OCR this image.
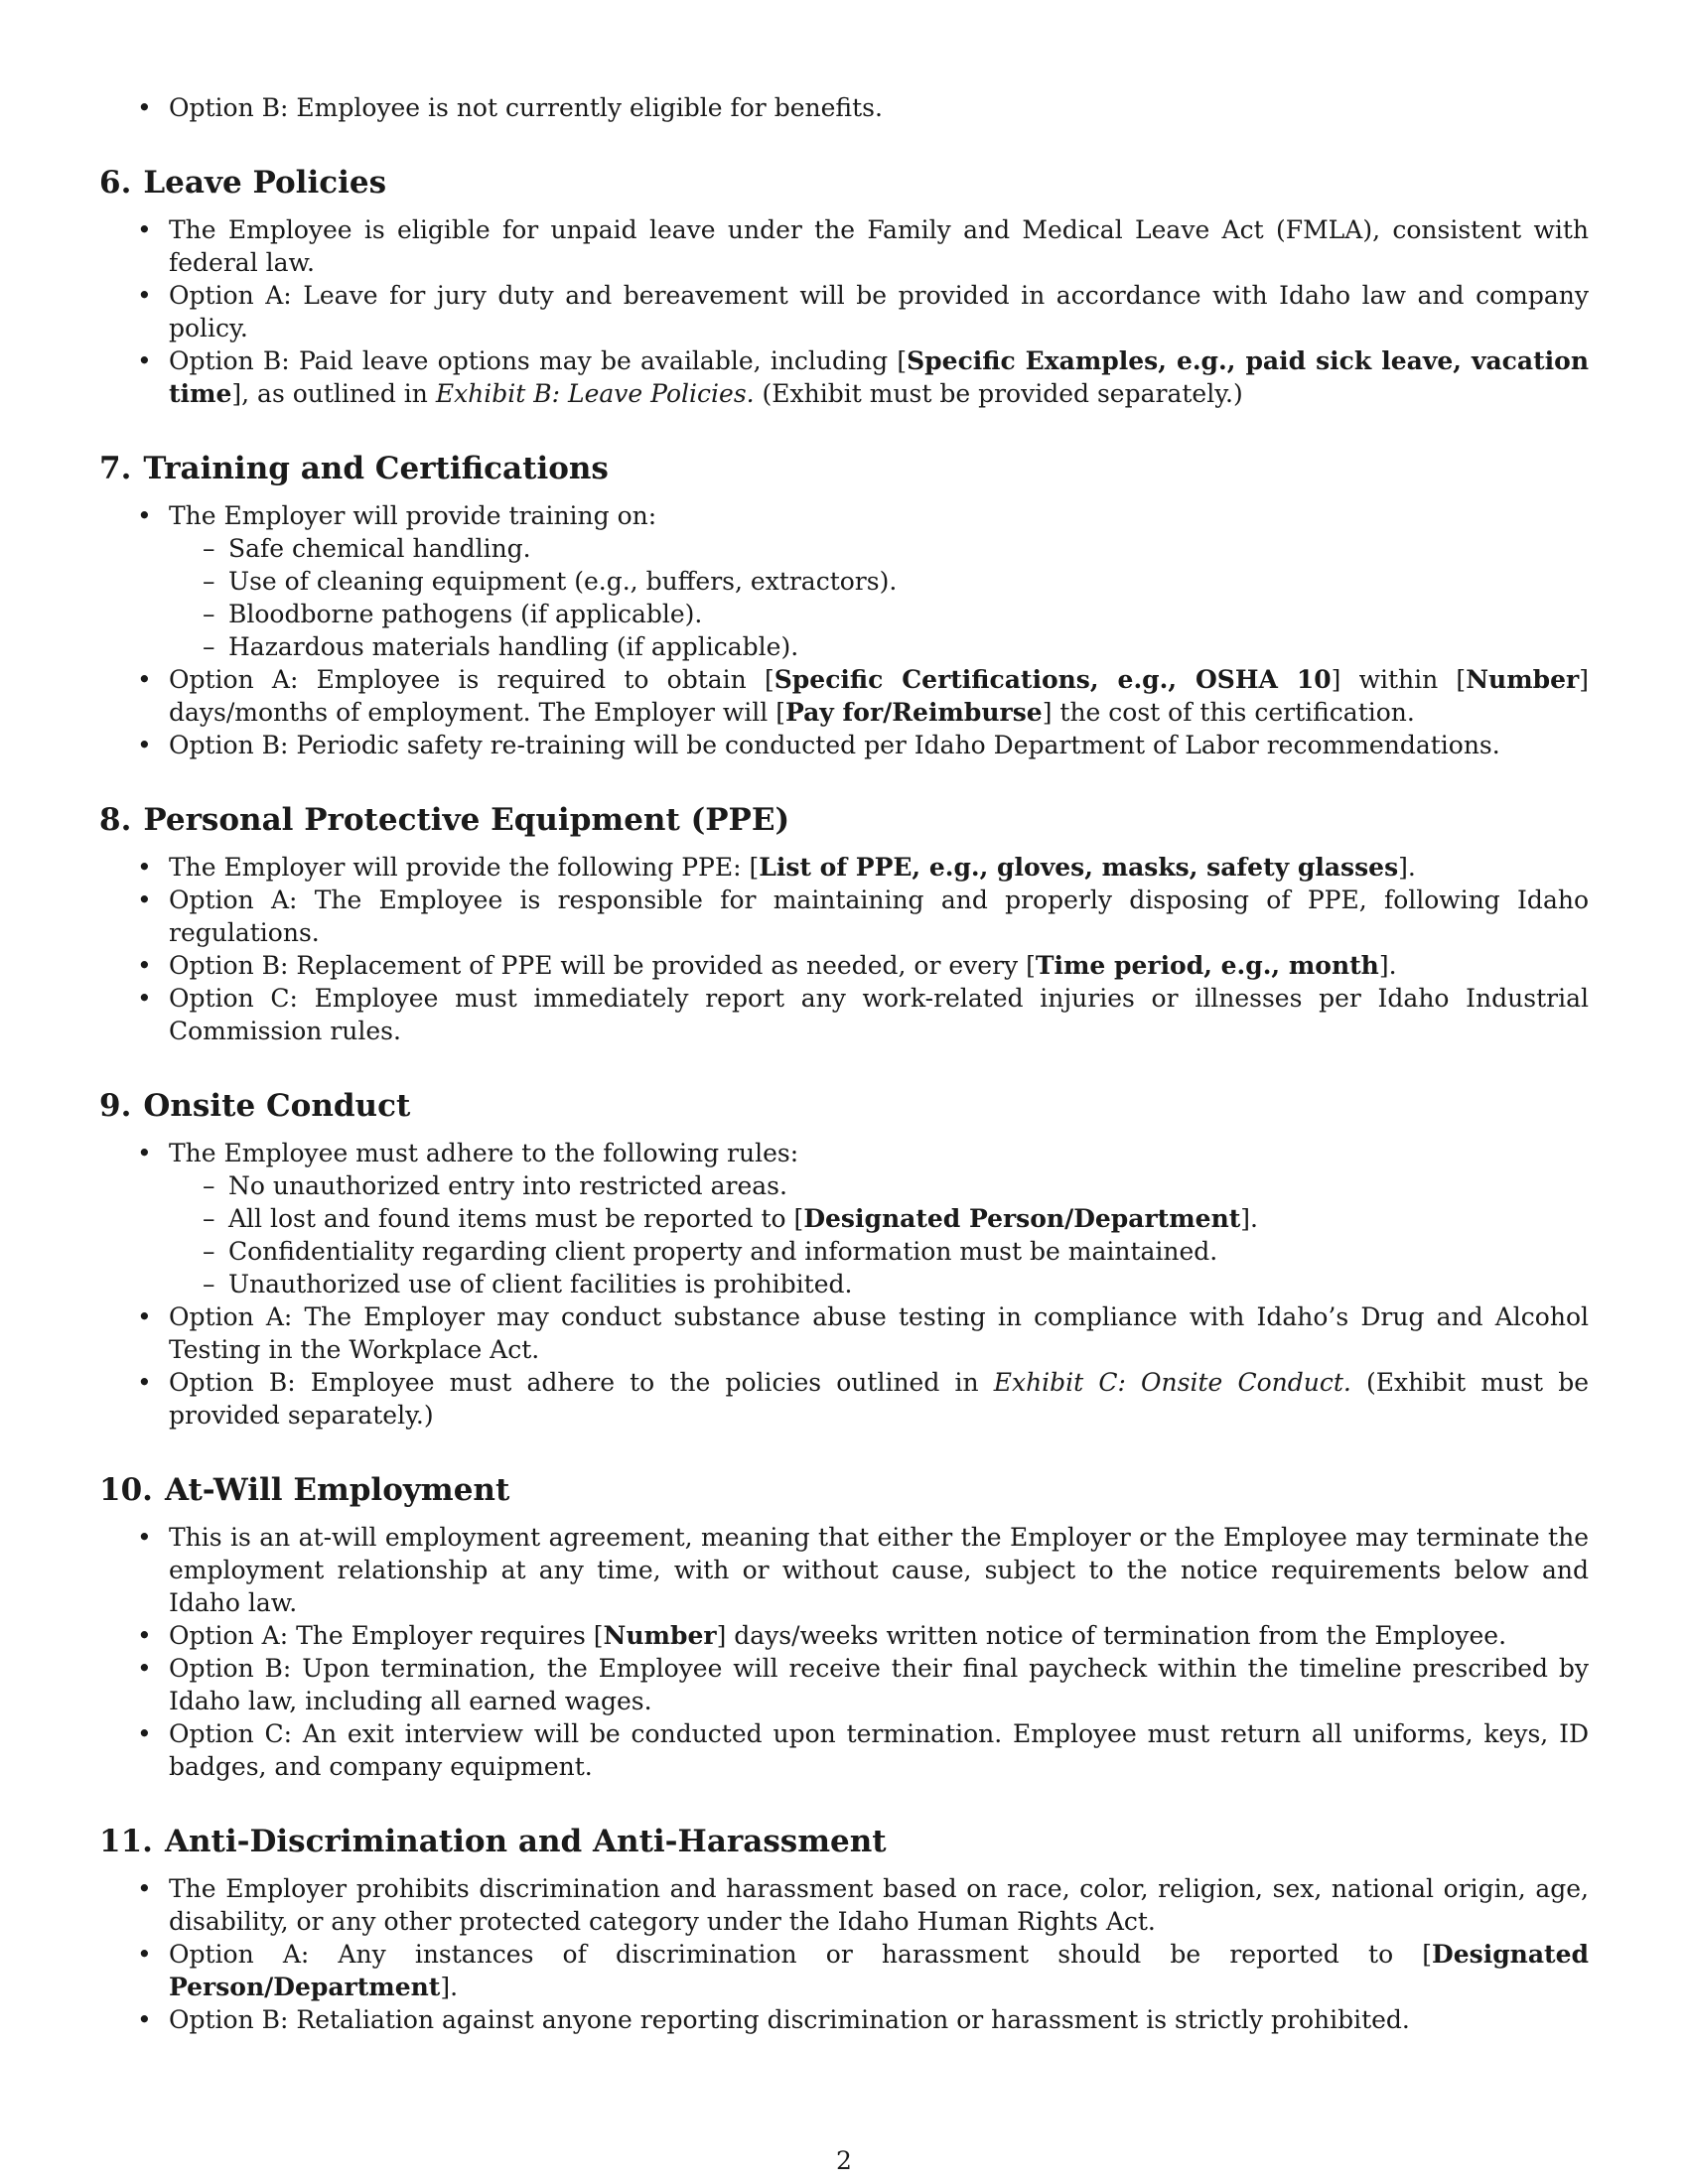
• Option B: Employee is not currently eligible for benefits.
6. Leave Policies
• The Employee is eligible for unpaid leave under the Family and Medical Leave Act (FMLA), consistent with federal law.
• Option A: Leave for jury duty and bereavement will be provided in accordance with Idaho law and company policy.
• Option B: Paid leave options may be available, including [Specific Examples, e.g., paid sick leave, vacation time], as outlined in Exhibit B: Leave Policies. (Exhibit must be provided separately.)
7. Training and Certifications
• The Employer will provide training on:
– Safe chemical handling.
– Use of cleaning equipment (e.g., buffers, extractors).
– Bloodborne pathogens (if applicable).
– Hazardous materials handling (if applicable).
• Option A: Employee is required to obtain [Specific Certifications, e.g., OSHA 10] within [Number] days/months of employment. The Employer will [Pay for/Reimburse] the cost of this certification.
• Option B: Periodic safety re-training will be conducted per Idaho Department of Labor recommendations.
8. Personal Protective Equipment (PPE)
• The Employer will provide the following PPE: [List of PPE, e.g., gloves, masks, safety glasses].
• Option A: The Employee is responsible for maintaining and properly disposing of PPE, following Idaho regulations.
• Option B: Replacement of PPE will be provided as needed, or every [Time period, e.g., month].
• Option C: Employee must immediately report any work-related injuries or illnesses per Idaho Industrial Commission rules.
9. Onsite Conduct
• The Employee must adhere to the following rules:
– No unauthorized entry into restricted areas.
– All lost and found items must be reported to [Designated Person/Department].
– Confidentiality regarding client property and information must be maintained.
– Unauthorized use of client facilities is prohibited.
• Option A: The Employer may conduct substance abuse testing in compliance with Idaho’s Drug and Alcohol Testing in the Workplace Act.
• Option B: Employee must adhere to the policies outlined in Exhibit C: Onsite Conduct. (Exhibit must be provided separately.)
10. At-Will Employment
• This is an at-will employment agreement, meaning that either the Employer or the Employee may terminate the employment relationship at any time, with or without cause, subject to the notice requirements below and Idaho law.
• Option A: The Employer requires [Number] days/weeks written notice of termination from the Employee.
• Option B: Upon termination, the Employee will receive their final paycheck within the timeline prescribed by Idaho law, including all earned wages.
• Option C: An exit interview will be conducted upon termination. Employee must return all uniforms, keys, ID badges, and company equipment.
11. Anti-Discrimination and Anti-Harassment
• The Employer prohibits discrimination and harassment based on race, color, religion, sex, national origin, age, disability, or any other protected category under the Idaho Human Rights Act.
• Option A: Any instances of discrimination or harassment should be reported to [Designated Person/Department].
• Option B: Retaliation against anyone reporting discrimination or harassment is strictly prohibited.
2
